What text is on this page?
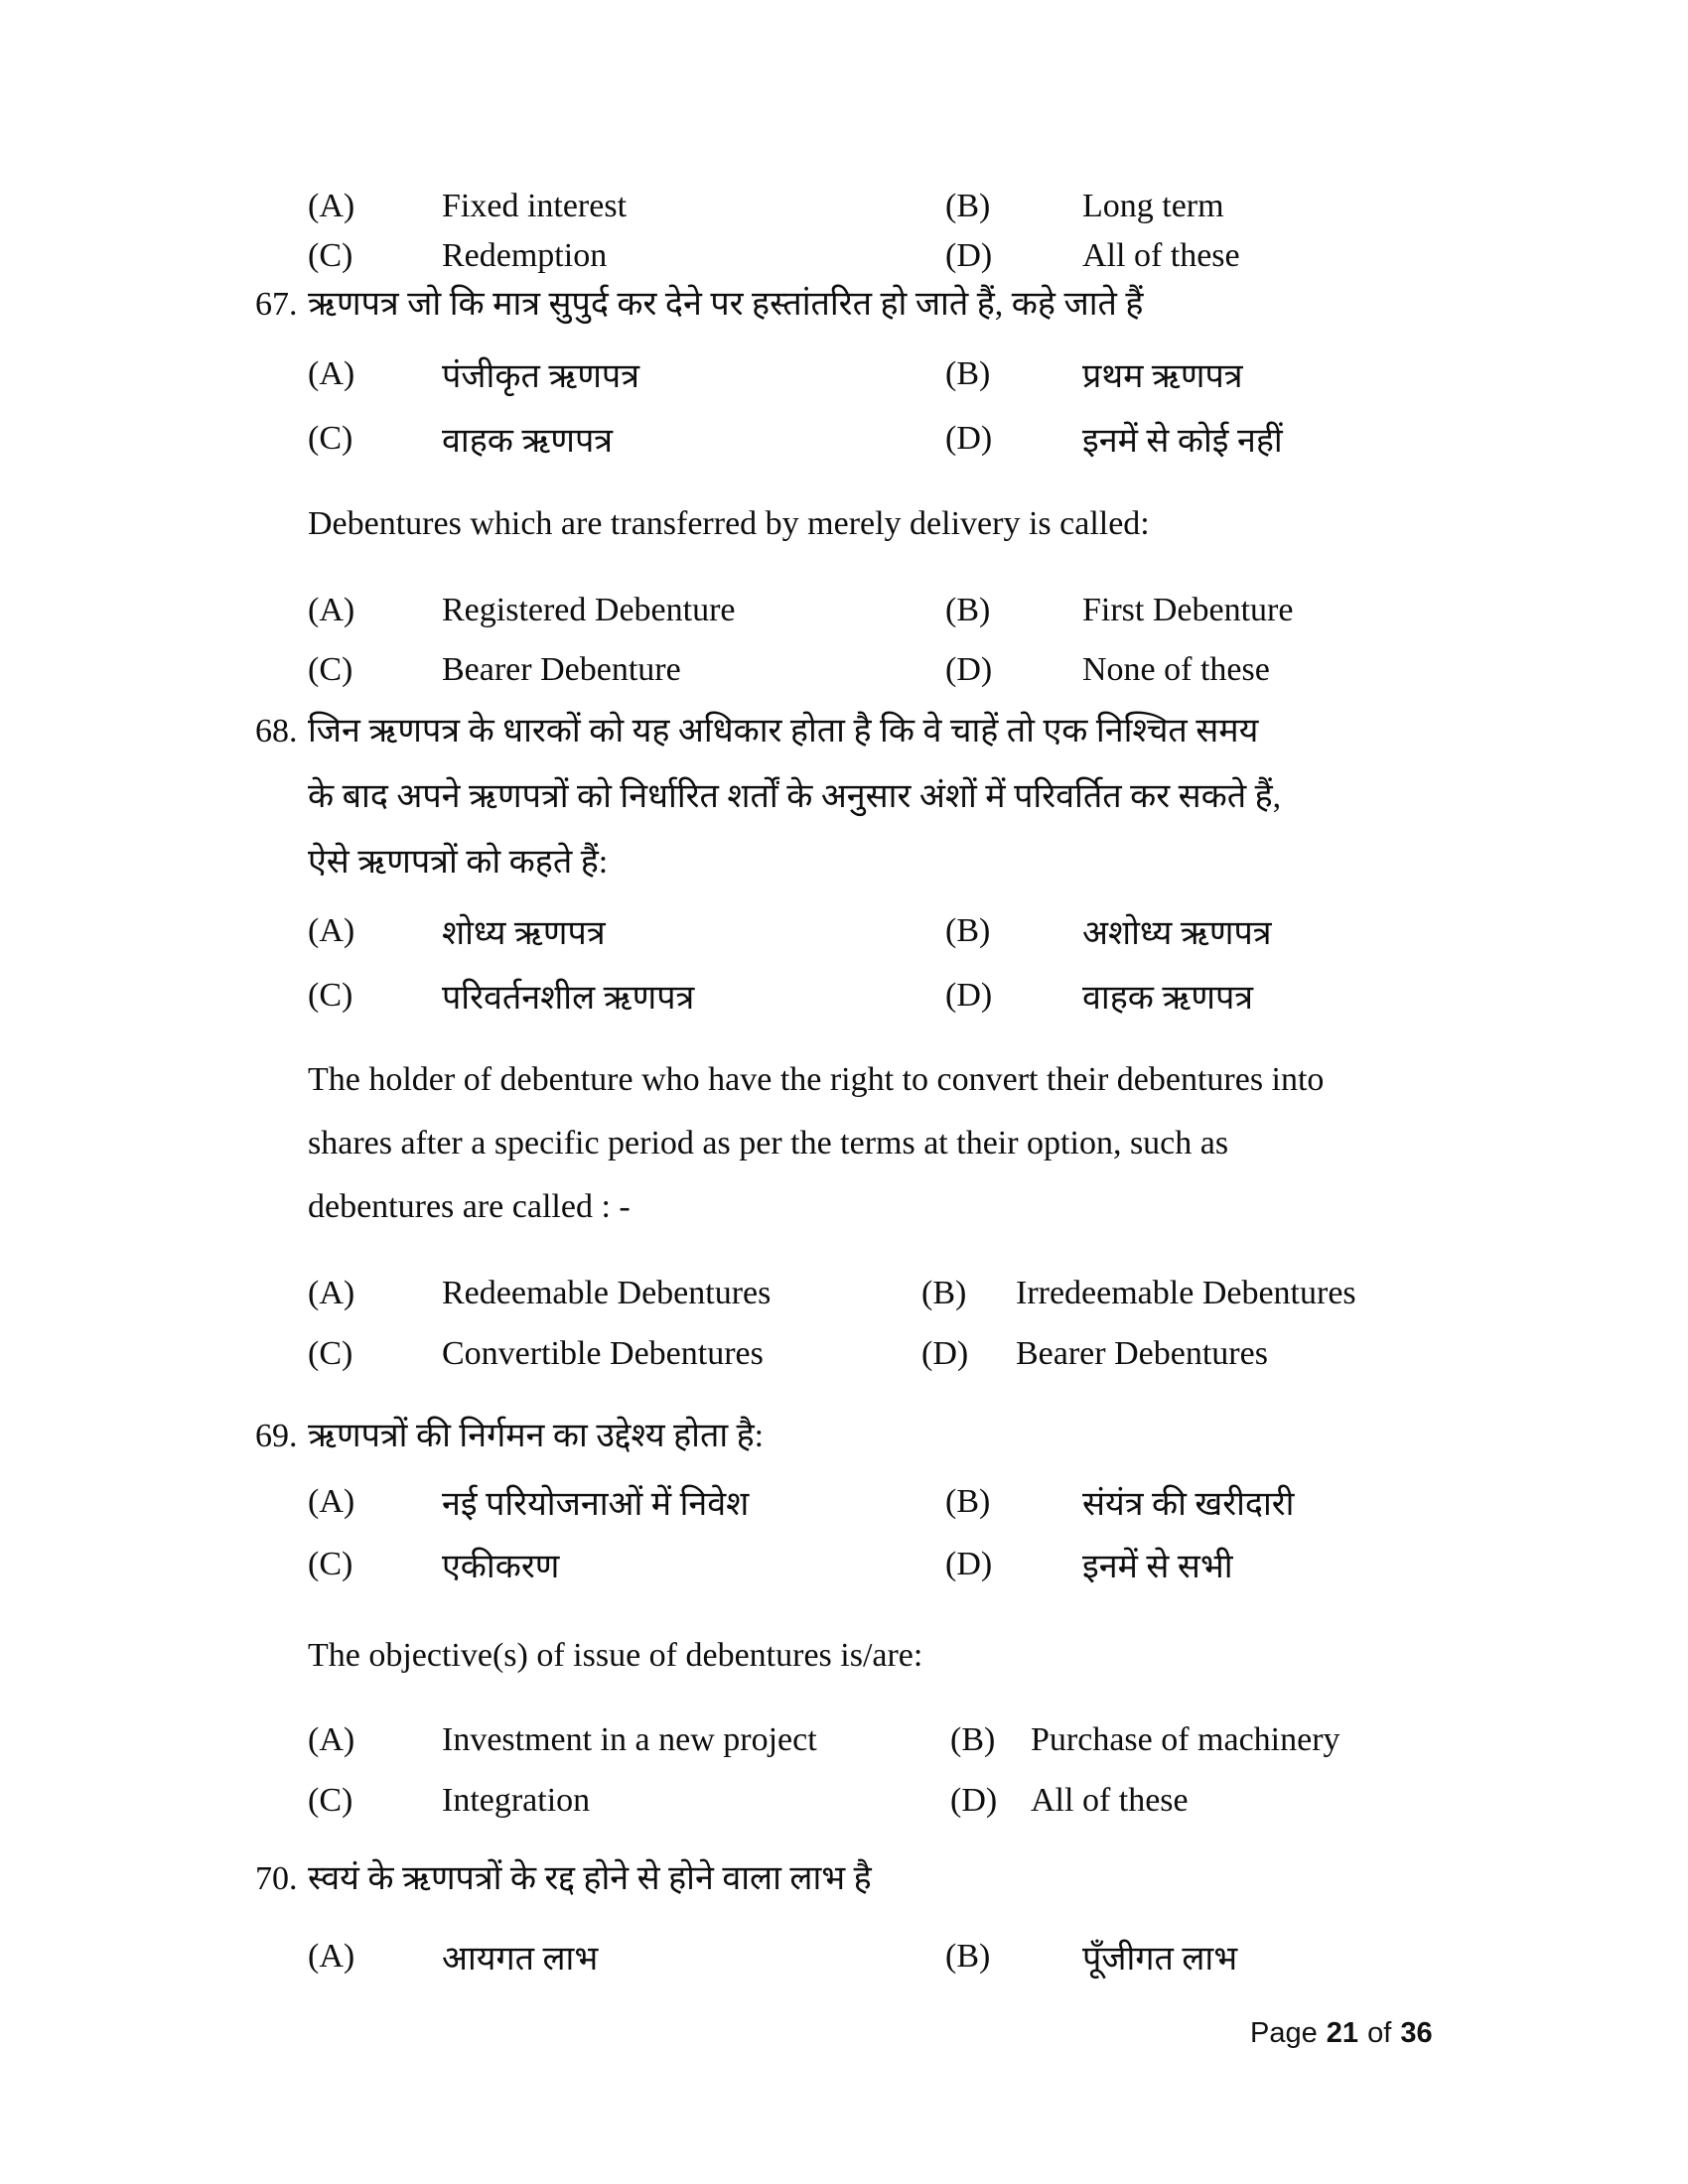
(A)	Fixed interest	(B)	Long term
(C)	Redemption	(D)	All of these
67. ऋणपत्र जो कि मात्र सुपुर्द कर देने पर हस्तांतरित हो जाते हैं, कहे जाते हैं
(A)	पंजीकृत ऋणपत्र	(B)	प्रथम ऋणपत्र
(C)	वाहक ऋणपत्र	(D)	इनमें से कोई नहीं
Debentures which are transferred by merely delivery is called:
(A)	Registered Debenture	(B)	First Debenture
(C)	Bearer Debenture	(D)	None of these
68. जिन ऋणपत्र के धारकों को यह अधिकार होता है कि वे चाहें तो एक निश्चित समय
के बाद अपने ऋणपत्रों को निर्धारित शर्तों के अनुसार अंशों में परिवर्तित कर सकते हैं,
ऐसे ऋणपत्रों को कहते हैं:
(A)	शोध्य ऋणपत्र	(B)	अशोध्य ऋणपत्र
(C)	परिवर्तनशील ऋणपत्र	(D)	वाहक ऋणपत्र
The holder of debenture who have the right to convert their debentures into
shares after a specific period as per the terms at their option, such as
debentures are called : -
(A)	Redeemable Debentures	(B)	Irredeemable Debentures
(C)	Convertible Debentures	(D)	Bearer Debentures
69. ऋणपत्रों की निर्गमन का उद्देश्य होता है:
(A)	नई परियोजनाओं में निवेश	(B)	संयंत्र की खरीदारी
(C)	एकीकरण	(D)	इनमें से सभी
The objective(s) of issue of debentures is/are:
(A)	Investment in a new project	(B)	Purchase of machinery
(C)	Integration	(D) All of these
70. स्वयं के ऋणपत्रों के रद्द होने से होने वाला लाभ है
(A)	आयगत लाभ	(B)	पूँजीगत लाभ
Page 21 of 36
